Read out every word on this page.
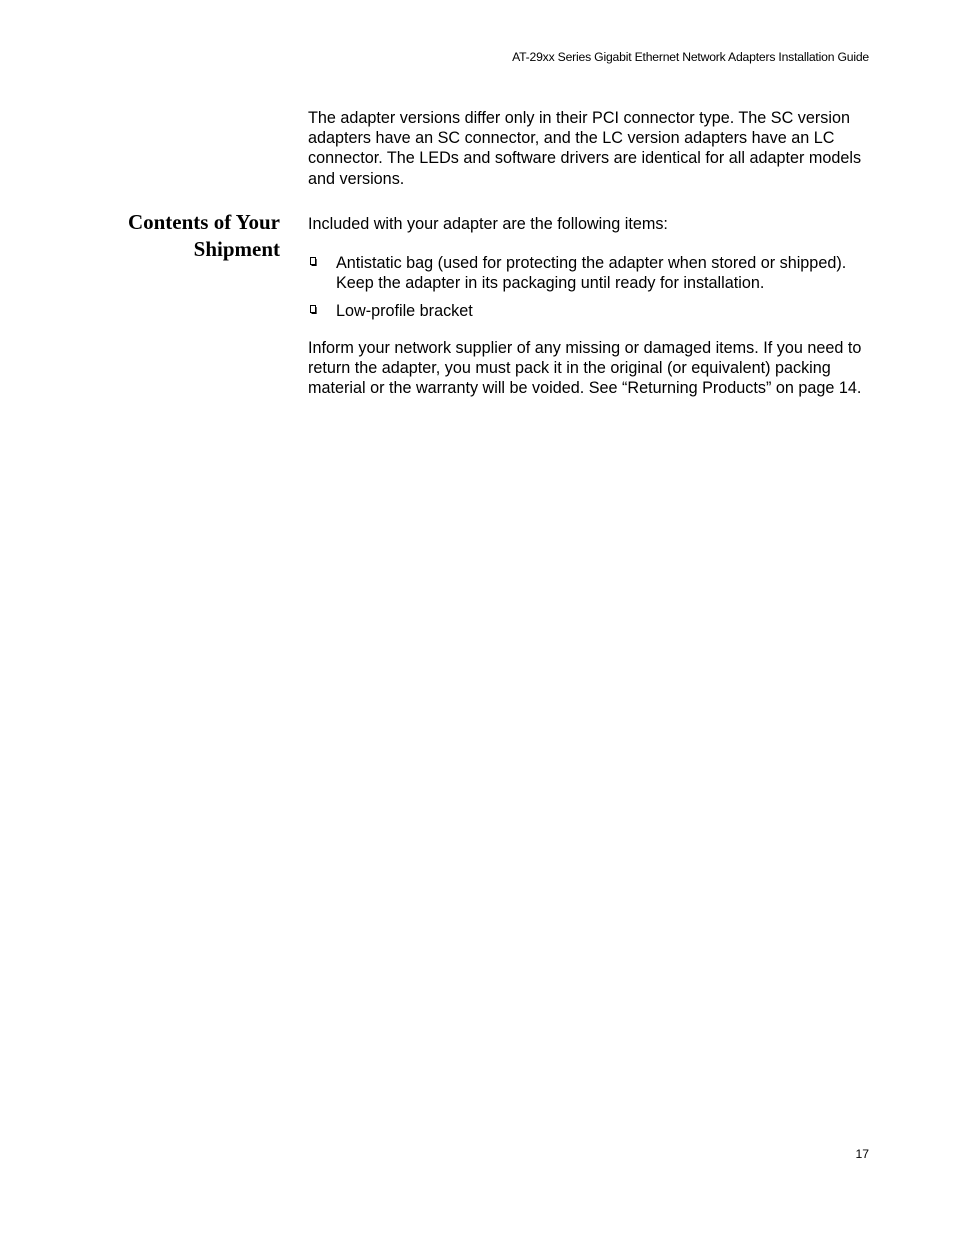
AT-29xx Series Gigabit Ethernet Network Adapters Installation Guide

The adapter versions differ only in their PCI connector type. The SC version adapters have an SC connector, and the LC version adapters have an LC connector. The LEDs and software drivers are identical for all adapter models and versions.

Contents of Your
Shipment

Included with your adapter are the following items:

Antistatic bag (used for protecting the adapter when stored or shipped). Keep the adapter in its packaging until ready for installation.
Low-profile bracket

Inform your network supplier of any missing or damaged items. If you need to return the adapter, you must pack it in the original (or equivalent) packing material or the warranty will be voided. See “Returning Products” on page 14.

17
